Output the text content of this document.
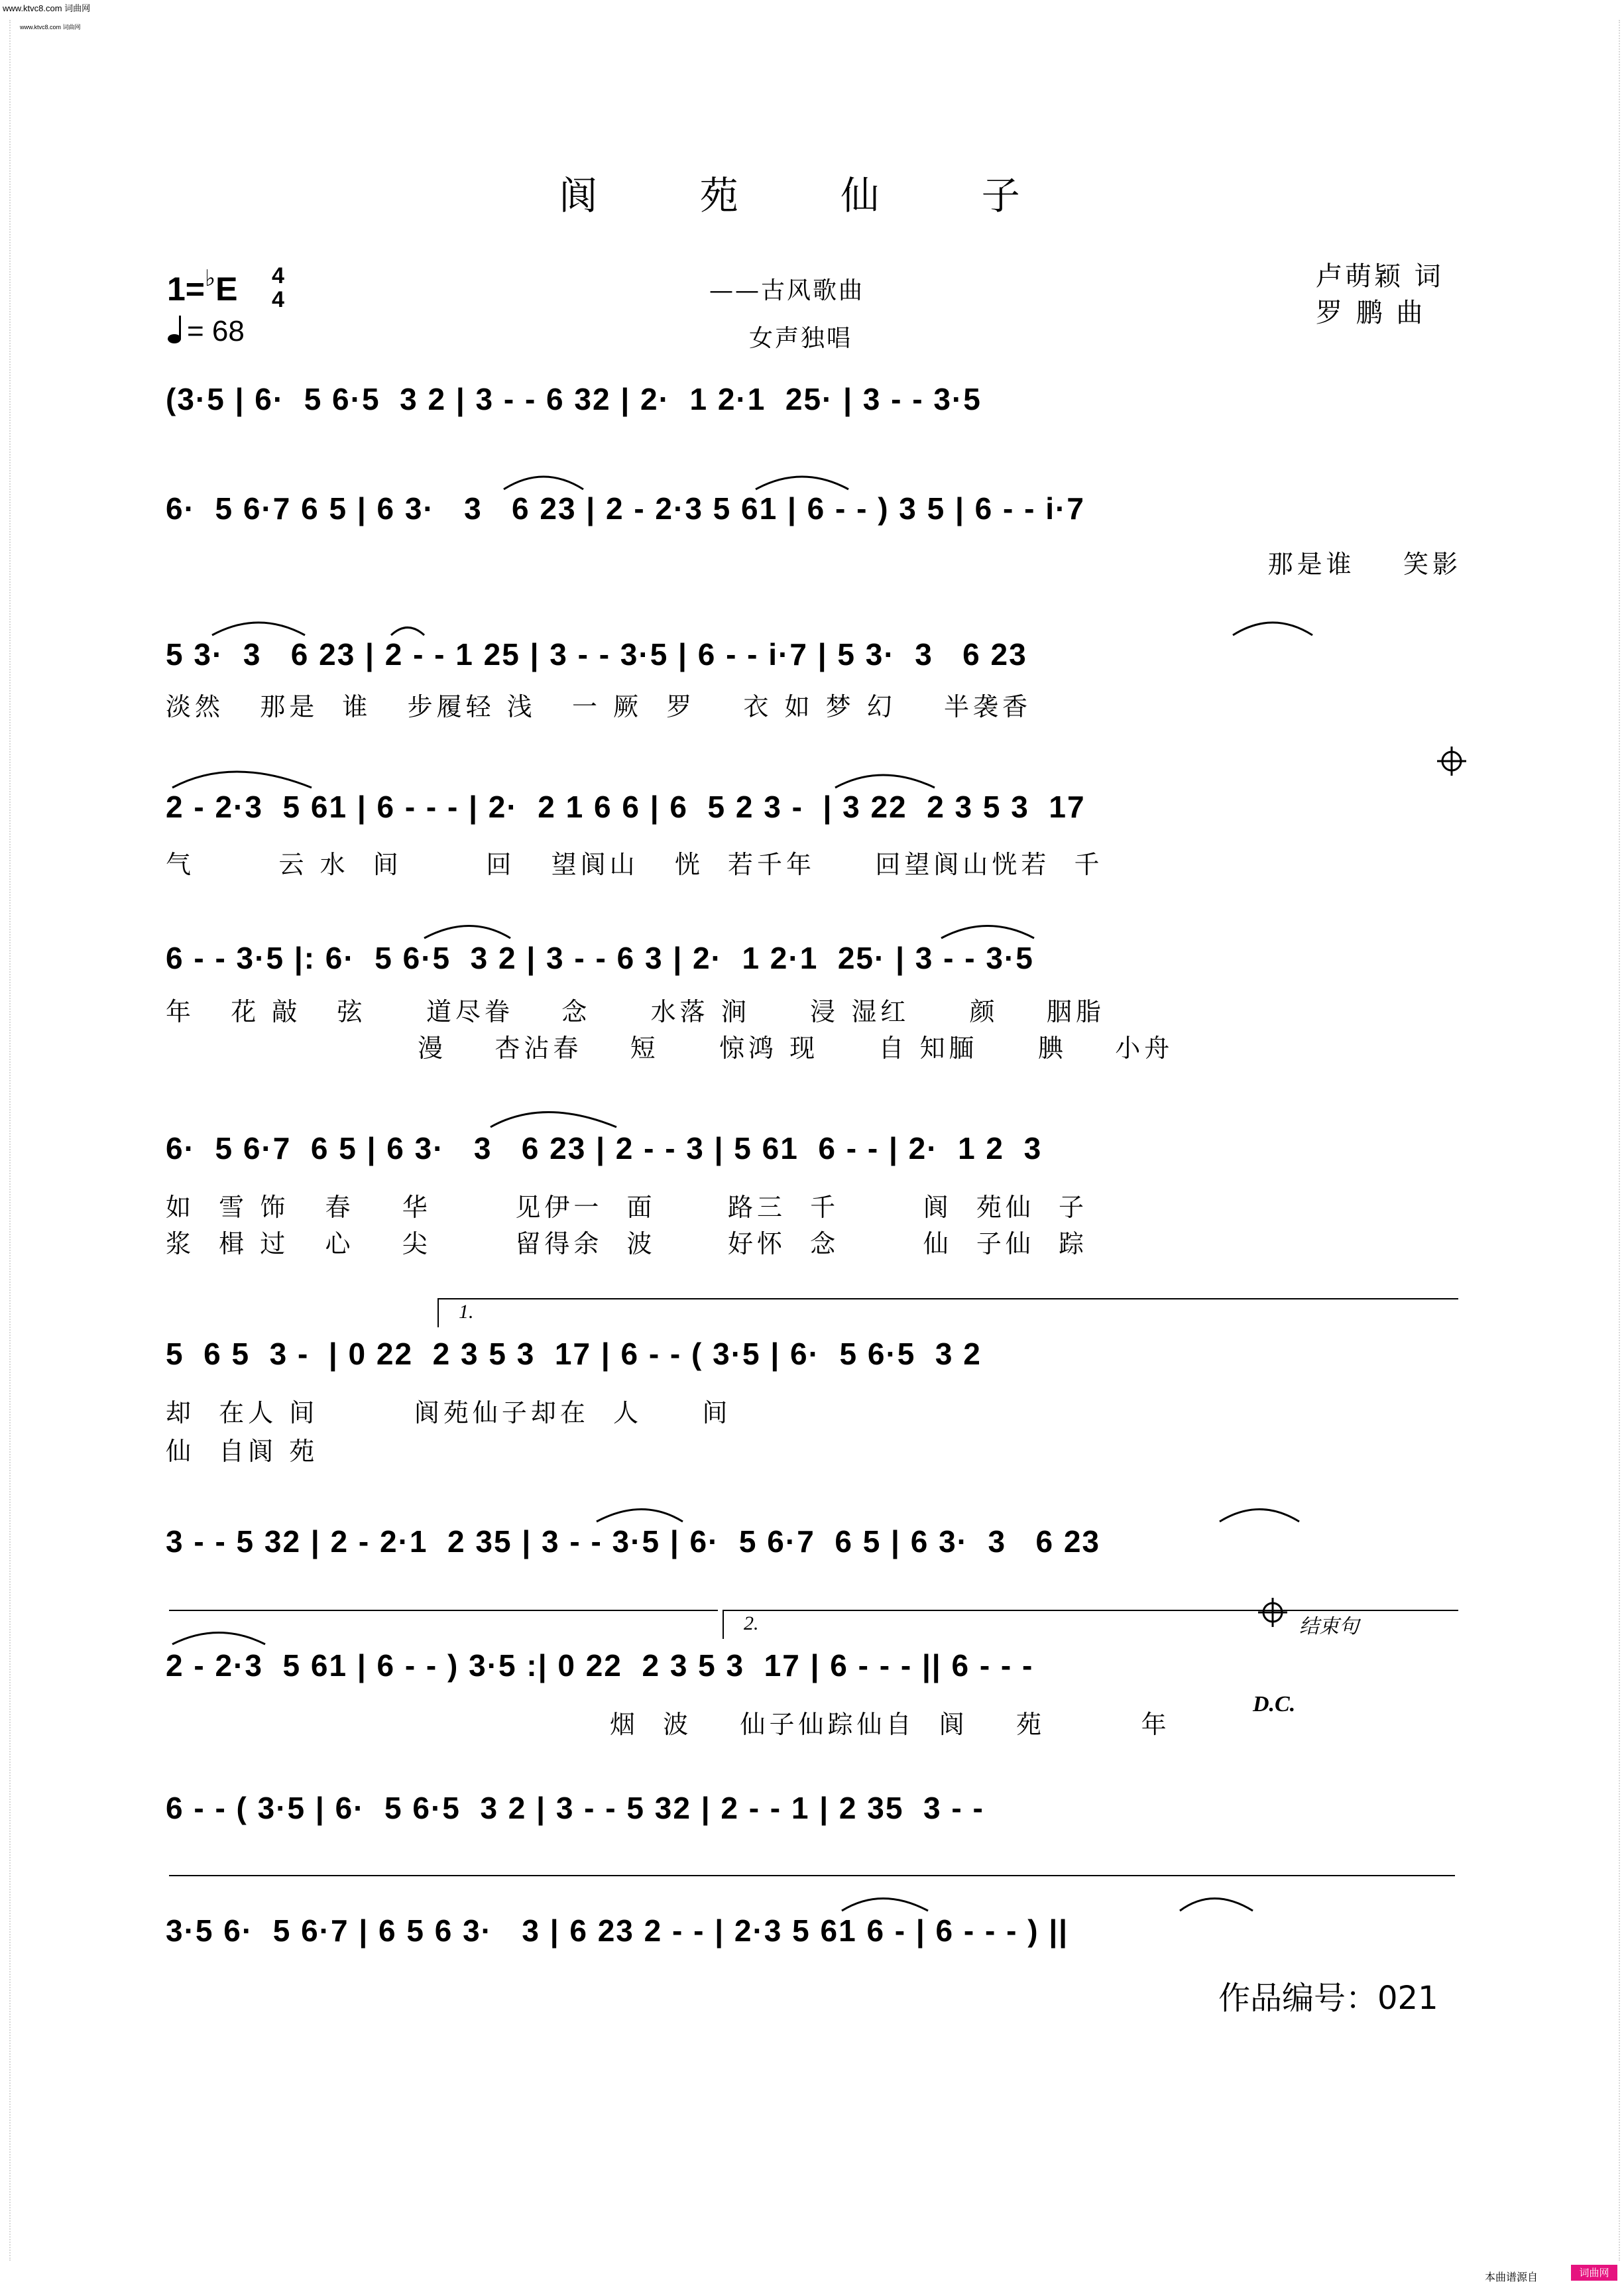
www.ktvc8.com 词曲网
www.ktvc8.com 词曲网
阆 苑 仙 子
1=♭E 4
4
= 68
——古风歌曲
女声独唱
卢萌颖 词
罗 鹏 曲
(3·5 | 6·  5 6·5  3 2 | 3 - - 6 32 | 2·  1 2·1  25· | 3 - - 3·5
6·  5 6·7 6 5 | 6 3·   3   6 23 | 2 - 2·3 5 61 | 6 - - ) 3 5 | 6 - - i·7
那是谁    笑影
5 3·  3   6 23 | 2 - - 1 25 | 3 - - 3·5 | 6 - - i·7 | 5 3·  3   6 23
淡然   那是  谁   步履轻 浅   一 厥  罗    衣 如 梦 幻    半袭香
2 - 2·3  5 61 | 6 - - - | 2·  2 1 6 6 | 6  5 2 3 -  | 3 22  2 3 5 3  17
气       云 水  间       回   望阆山   恍  若千年     回望阆山恍若  千
6 - - 3·5 |: 6·  5 6·5  3 2 | 3 - - 6 3 | 2·  1 2·1  25· | 3 - - 3·5
年   花 敲   弦     道尽眷    念     水落 涧     浸 湿红     颜    胭脂
漫    杏沾春    短     惊鸿 现     自 知腼     腆    小舟
6·  5 6·7  6 5 | 6 3·   3   6 23 | 2 - - 3 | 5 61  6 - - | 2·  1 2  3
如  雪 饰   春    华       见伊一  面      路三  千       阆  苑仙  子
浆  楫 过   心    尖       留得余  波      好怀  念       仙  子仙  踪
5  6 5  3 -  | 0 22  2 3 5 3  17 | 6 - - ( 3·5 | 6·  5 6·5  3 2
却  在人 间        阆苑仙子却在  人     间
仙  自阆 苑
1.
3 - - 5 32 | 2 - 2·1  2 35 | 3 - - 3·5 | 6·  5 6·7  6 5 | 6 3·  3   6 23
2 - 2·3  5 61 | 6 - - ) 3·5 :| 0 22  2 3 5 3  17 | 6 - - - || 6 - - -
烟  波    仙子仙踪仙自  阆    苑        年
2.	结束句
D.C.
6 - - ( 3·5 | 6·  5 6·5  3 2 | 3 - - 5 32 | 2 - - 1 | 2 35  3 - -
3·5 6·  5 6·7 | 6 5 6 3·   3 | 6 23 2 - - | 2·3 5 61 6 - | 6 - - - ) ||
作品编号：021
本曲谱源自	词曲网
